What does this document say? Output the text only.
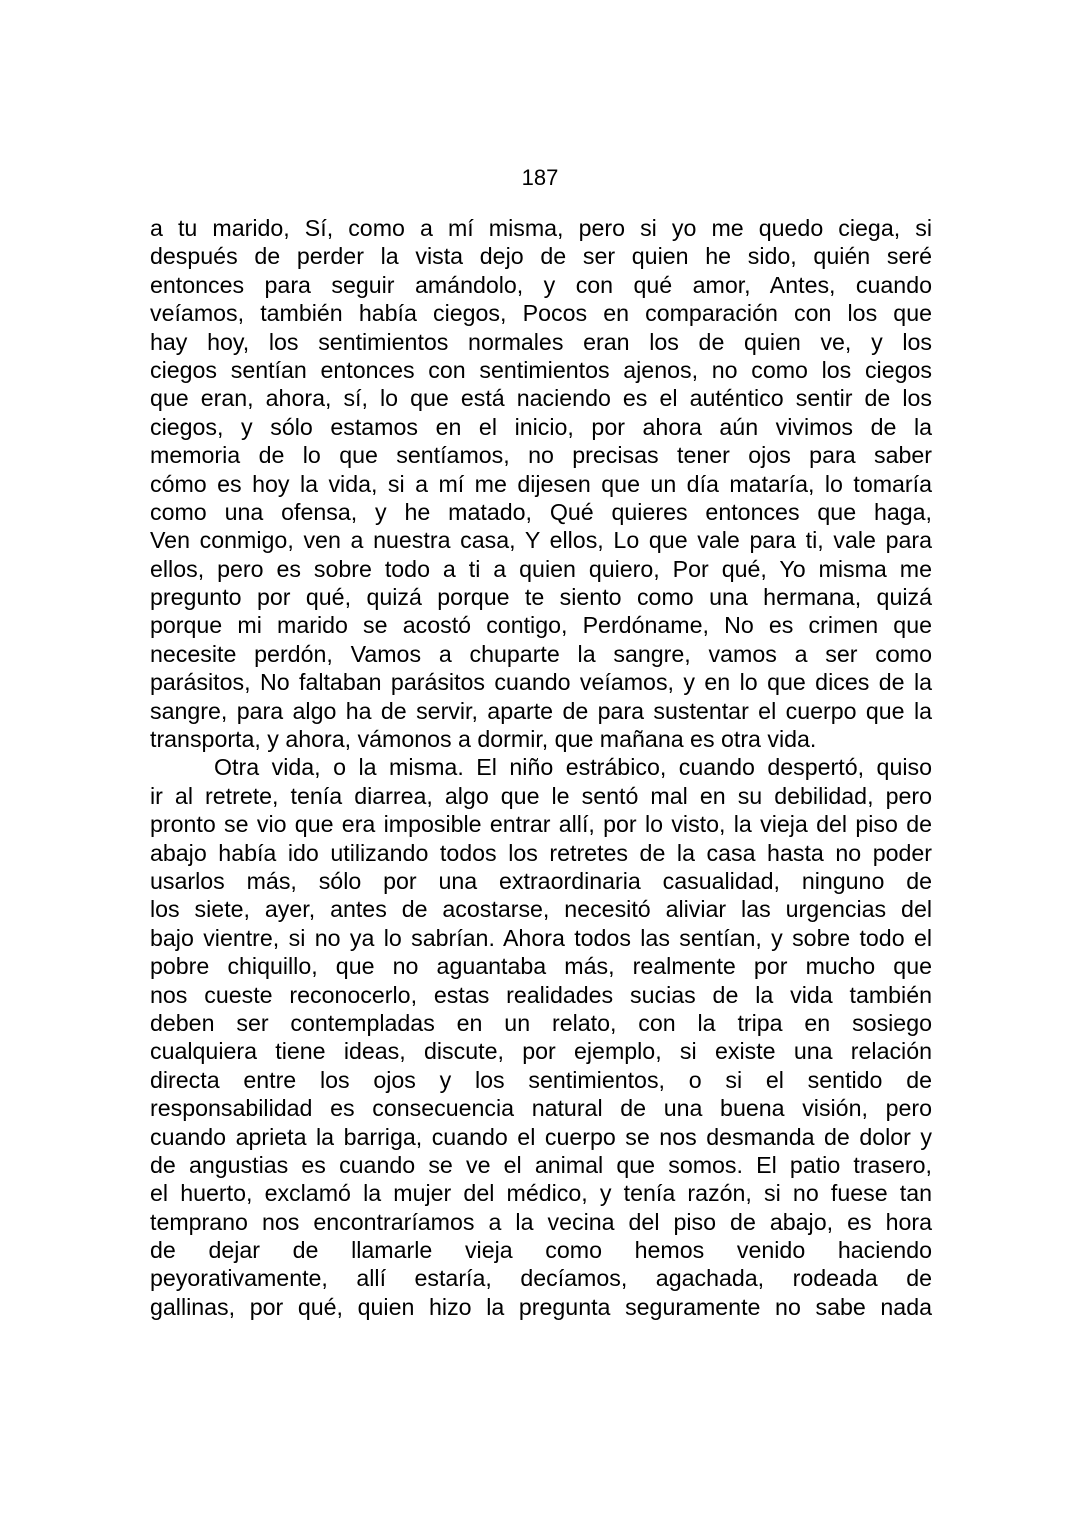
187
a tu marido, Sí, como a mí misma, pero si yo me quedo ciega, si
después de perder la vista dejo de ser quien he sido, quién seré
entonces para seguir amándolo, y con qué amor, Antes, cuando
veíamos, también había ciegos, Pocos en comparación con los que
hay hoy, los sentimientos normales eran los de quien ve, y los
ciegos sentían entonces con sentimientos ajenos, no como los ciegos
que eran, ahora, sí, lo que está naciendo es el auténtico sentir de los
ciegos, y sólo estamos en el inicio, por ahora aún vivimos de la
memoria de lo que sentíamos, no precisas tener ojos para saber
cómo es hoy la vida, si a mí me dijesen que un día mataría, lo tomaría
como una ofensa, y he matado, Qué quieres entonces que haga,
Ven conmigo, ven a nuestra casa, Y ellos, Lo que vale para ti, vale para
ellos, pero es sobre todo a ti a quien quiero, Por qué, Yo misma me
pregunto por qué, quizá porque te siento como una hermana, quizá
porque mi marido se acostó contigo, Perdóname, No es crimen que
necesite perdón, Vamos a chuparte la sangre, vamos a ser como
parásitos, No faltaban parásitos cuando veíamos, y en lo que dices de la
sangre, para algo ha de servir, aparte de para sustentar el cuerpo que la
transporta, y ahora, vámonos a dormir, que mañana es otra vida.
Otra vida, o la misma. El niño estrábico, cuando despertó, quiso
ir al retrete, tenía diarrea, algo que le sentó mal en su debilidad, pero
pronto se vio que era imposible entrar allí, por lo visto, la vieja del piso de
abajo había ido utilizando todos los retretes de la casa hasta no poder
usarlos más, sólo por una extraordinaria casualidad, ninguno de
los siete, ayer, antes de acostarse, necesitó aliviar las urgencias del
bajo vientre, si no ya lo sabrían. Ahora todos las sentían, y sobre todo el
pobre chiquillo, que no aguantaba más, realmente por mucho que
nos cueste reconocerlo, estas realidades sucias de la vida también
deben ser contempladas en un relato, con la tripa en sosiego
cualquiera tiene ideas, discute, por ejemplo, si existe una relación
directa entre los ojos y los sentimientos, o si el sentido de
responsabilidad es consecuencia natural de una buena visión, pero
cuando aprieta la barriga, cuando el cuerpo se nos desmanda de dolor y
de angustias es cuando se ve el animal que somos. El patio trasero,
el huerto, exclamó la mujer del médico, y tenía razón, si no fuese tan
temprano nos encontraríamos a la vecina del piso de abajo, es hora
de dejar de llamarle vieja como hemos venido haciendo
peyorativamente, allí estaría, decíamos, agachada, rodeada de
gallinas, por qué, quien hizo la pregunta seguramente no sabe nada
